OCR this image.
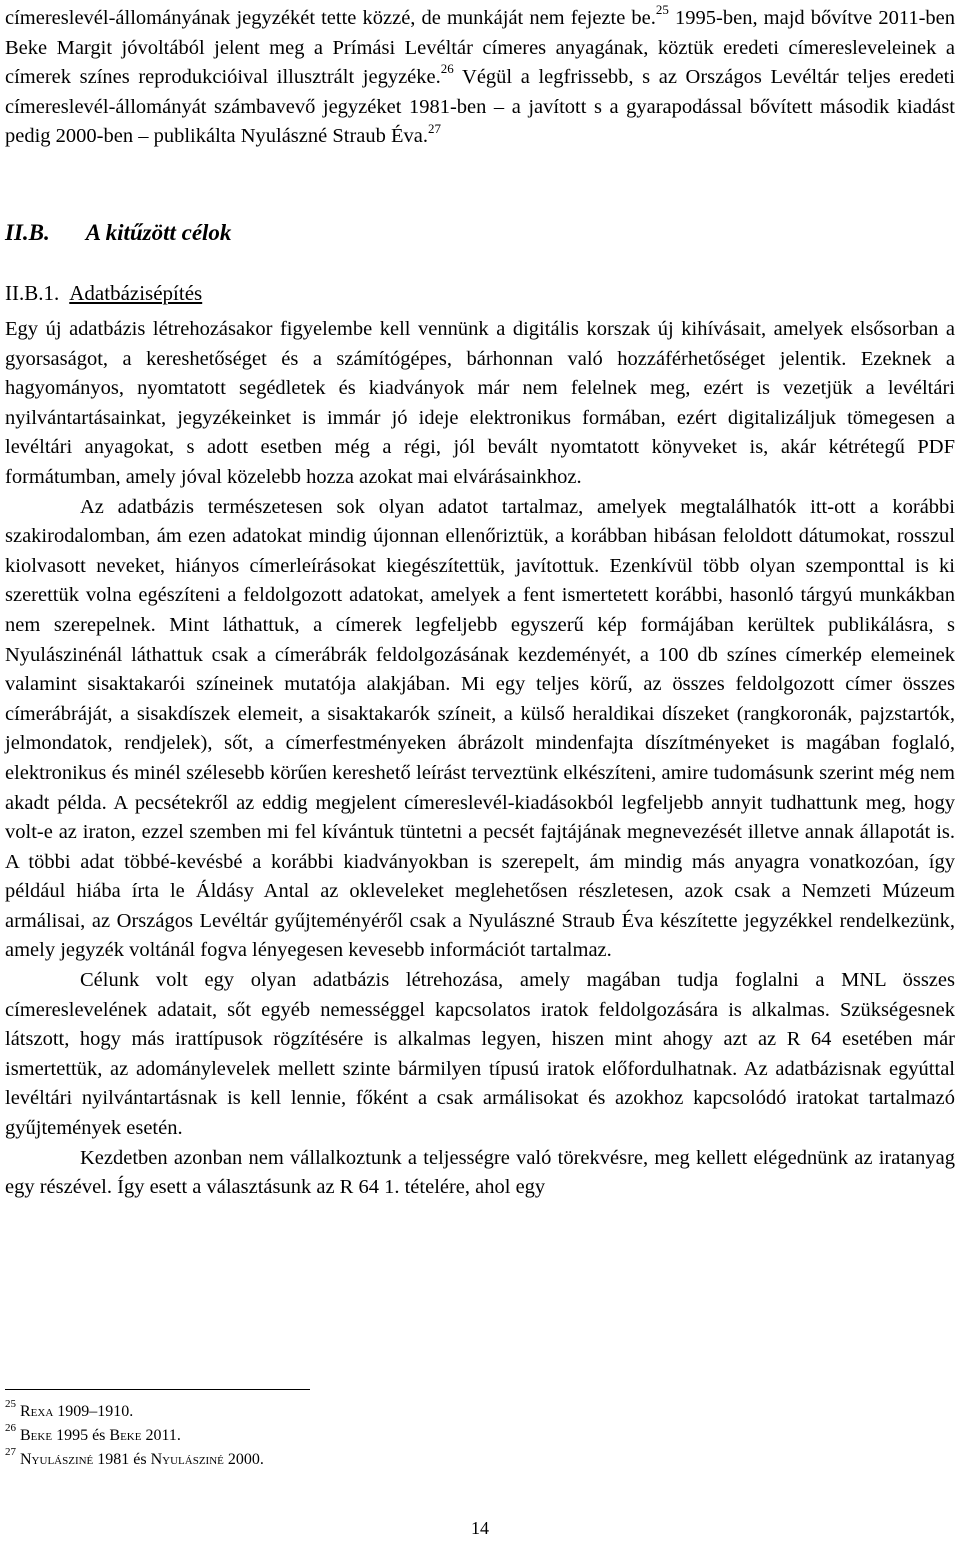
címereslevél-állományának jegyzékét tette közzé, de munkáját nem fejezte be.$^{25}$ 1995-ben, majd bővítve 2011-ben Beke Margit jóvoltából jelent meg a Prímási Levéltár címeres anyagának, köztük eredeti címeresleveleinek a címerek színes reprodukcióival illusztrált jegyzéke.$^{26}$ Végül a legfrissebb, s az Országos Levéltár teljes eredeti címereslevél-állományát számbavevő jegyzéket 1981-ben – a javított s a gyarapodással bővített második kiadást pedig 2000-ben – publikálta Nyulászné Straub Éva.$^{27}$

II.B. A kitűzött célok
II.B.1. Adatbázisépítés

Egy új adatbázis létrehozásakor figyelembe kell vennünk a digitális korszak új kihívásait, amelyek elsősorban a gyorsaságot, a kereshetőséget és a számítógépes, bárhonnan való hozzáférhetőséget jelentik. Ezeknek a hagyományos, nyomtatott segédletek és kiadványok már nem felelnek meg, ezért is vezetjük a levéltári nyilvántartásainkat, jegyzékeinket is immár jó ideje elektronikus formában, ezért digitalizáljuk tömegesen a levéltári anyagokat, s adott esetben még a régi, jól bevált nyomtatott könyveket is, akár kétrétegű PDF formátumban, amely jóval közelebb hozza azokat mai elvárásainkhoz.

Az adatbázis természetesen sok olyan adatot tartalmaz, amelyek megtalálhatók itt-ott a korábbi szakirodalomban, ám ezen adatokat mindig újonnan ellenőriztük, a korábban hibásan feloldott dátumokat, rosszul kiolvasott neveket, hiányos címerleírásokat kiegészítettük, javítottuk. Ezenkívül több olyan szemponttal is ki szerettük volna egészíteni a feldolgozott adatokat, amelyek a fent ismertetett korábbi, hasonló tárgyú munkákban nem szerepelnek. Mint láthattuk, a címerek legfeljebb egyszerű kép formájában kerültek publikálásra, s Nyulászinénál láthattuk csak a címerábrák feldolgozásának kezdeményét, a 100 db színes címerkép elemeinek valamint sisaktakarói színeinek mutatója alakjában. Mi egy teljes körű, az összes feldolgozott címer összes címerábráját, a sisakdíszek elemeit, a sisaktakarók színeit, a külső heraldikai díszeket (rangkoronák, pajzstartók, jelmondatok, rendjelek), sőt, a címerfestményeken ábrázolt mindenfajta díszítményeket is magában foglaló, elektronikus és minél szélesebb körűen kereshető leírást terveztünk elkészíteni, amire tudomásunk szerint még nem akadt példa. A pecsétekről az eddig megjelent címereslevél-kiadásokból legfeljebb annyit tudhattunk meg, hogy volt-e az iraton, ezzel szemben mi fel kívántuk tüntetni a pecsét fajtájának megnevezését illetve annak állapotát is. A többi adat többé-kevésbé a korábbi kiadványokban is szerepelt, ám mindig más anyagra vonatkozóan, így például hiába írta le Áldásy Antal az okleveleket meglehetősen részletesen, azok csak a Nemzeti Múzeum armálisai, az Országos Levéltár gyűjteményéről csak a Nyulászné Straub Éva készítette jegyzékkel rendelkezünk, amely jegyzék voltánál fogva lényegesen kevesebb információt tartalmaz.

Célunk volt egy olyan adatbázis létrehozása, amely magában tudja foglalni a MNL összes címereslevelének adatait, sőt egyéb nemességgel kapcsolatos iratok feldolgozására is alkalmas. Szükségesnek látszott, hogy más irattípusok rögzítésére is alkalmas legyen, hiszen mint ahogy azt az R 64 esetében már ismertettük, az adománylevelek mellett szinte bármilyen típusú iratok előfordulhatnak. Az adatbázisnak egyúttal levéltári nyilvántartásnak is kell lennie, főként a csak armálisokat és azokhoz kapcsolódó iratokat tartalmazó gyűjtemények esetén.

Kezdetben azonban nem vállalkoztunk a teljességre való törekvésre, meg kellett elégednünk az iratanyag egy részével. Így esett a választásunk az R 64 1. tételére, ahol egy

$^{25}$ Rexa 1909–1910.
$^{26}$ Beke 1995 és Beke 2011.
$^{27}$ Nyulásziné 1981 és Nyulásziné 2000.
14
